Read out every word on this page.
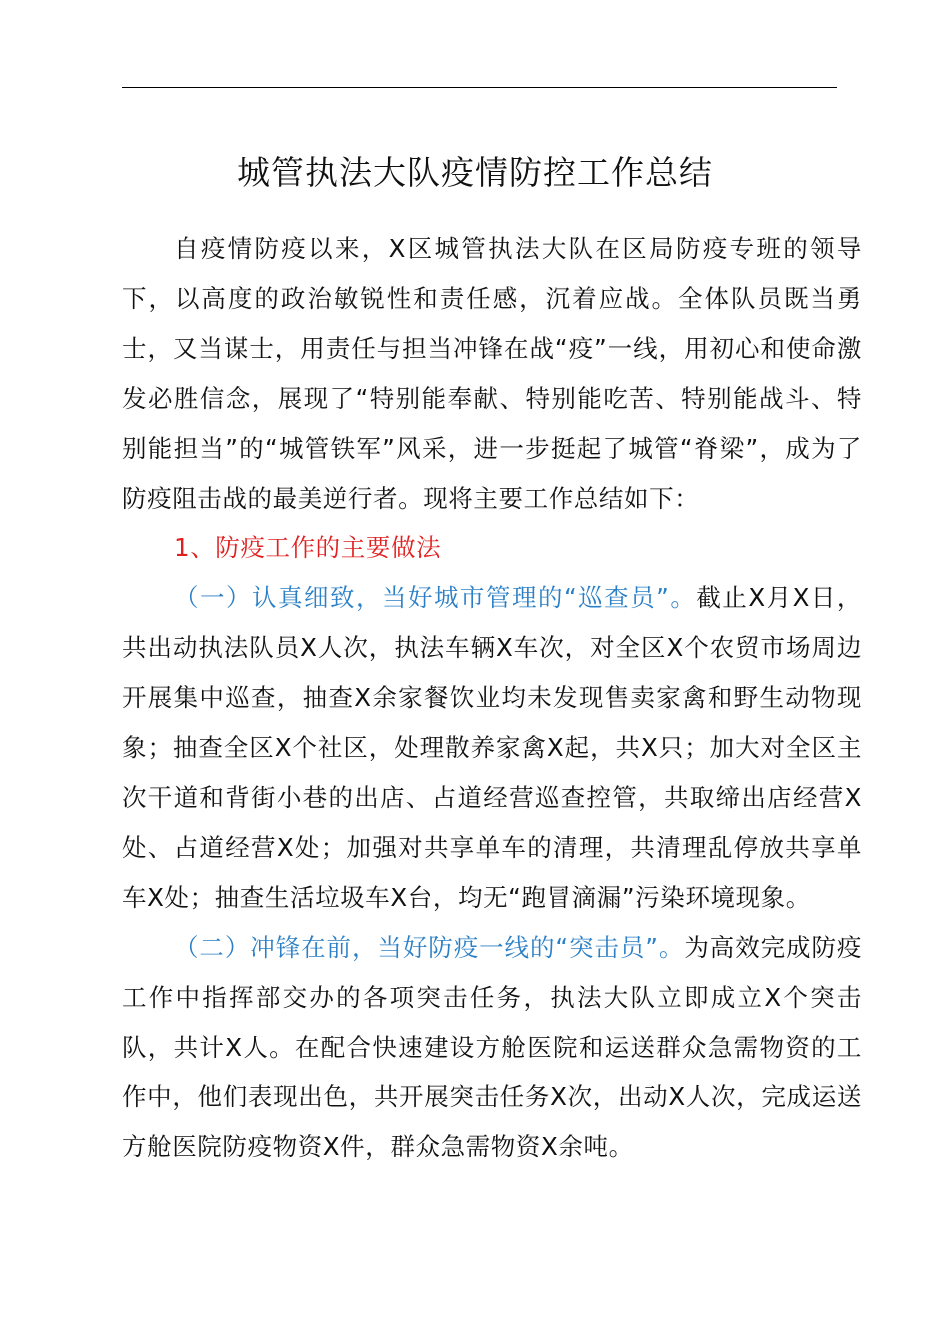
城管执法大队疫情防控工作总结

自疫情防疫以来，X区城管执法大队在区局防疫专班的领导下，以高度的政治敏锐性和责任感，沉着应战。全体队员既当勇士，又当谋士，用责任与担当冲锋在战“疫”一线，用初心和使命激发必胜信念，展现了“特别能奉献、特别能吃苦、特别能战斗、特别能担当”的“城管铁军”风采，进一步挺起了城管“脊梁”，成为了防疫阻击战的最美逆行者。现将主要工作总结如下：

1、防疫工作的主要做法

（一）认真细致，当好城市管理的“巡查员”。截止X月X日，共出动执法队员X人次，执法车辆X车次，对全区X个农贸市场周边开展集中巡查，抽查X余家餐饮业均未发现售卖家禽和野生动物现象；抽查全区X个社区，处理散养家禽X起，共X只；加大对全区主次干道和背街小巷的出店、占道经营巡查控管，共取缔出店经营X处、占道经营X处；加强对共享单车的清理，共清理乱停放共享单车X处；抽查生活垃圾车X台，均无“跑冒滴漏”污染环境现象。

（二）冲锋在前，当好防疫一线的“突击员”。为高效完成防疫工作中指挥部交办的各项突击任务，执法大队立即成立X个突击队，共计X人。在配合快速建设方舱医院和运送群众急需物资的工作中，他们表现出色，共开展突击任务X次，出动X人次，完成运送方舱医院防疫物资X件，群众急需物资X余吨。
